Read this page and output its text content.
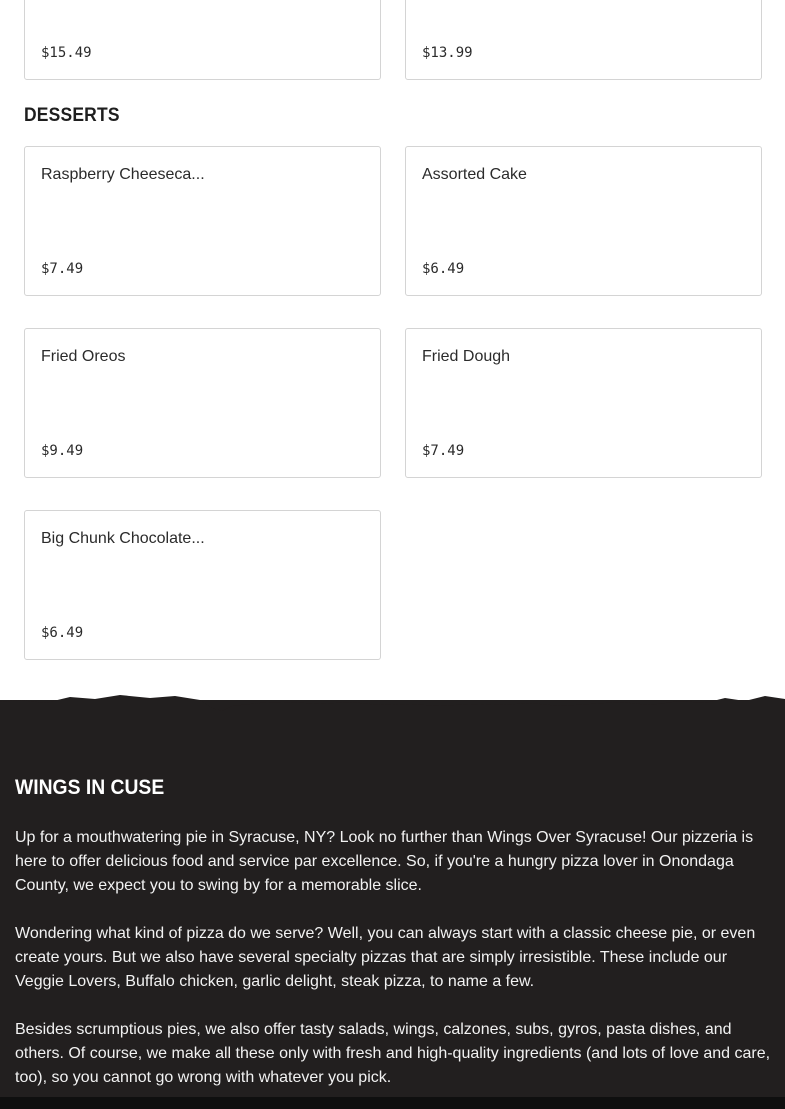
$15.49	$13.99
DESSERTS
Raspberry Cheeseca...
$7.49
Assorted Cake
$6.49
Fried Oreos
$9.49
Fried Dough
$7.49
Big Chunk Chocolate...
$6.49
WINGS IN CUSE

Up for a mouthwatering pie in Syracuse, NY? Look no further than Wings Over Syracuse! Our pizzeria is here to offer delicious food and service par excellence. So, if you're a hungry pizza lover in Onondaga County, we expect you to swing by for a memorable slice.

Wondering what kind of pizza do we serve? Well, you can always start with a classic cheese pie, or even create yours. But we also have several specialty pizzas that are simply irresistible. These include our Veggie Lovers, Buffalo chicken, garlic delight, steak pizza, to name a few.

Besides scrumptious pies, we also offer tasty salads, wings, calzones, subs, gyros, pasta dishes, and others. Of course, we make all these only with fresh and high-quality ingredients (and lots of love and care, too), so you cannot go wrong with whatever you pick.
